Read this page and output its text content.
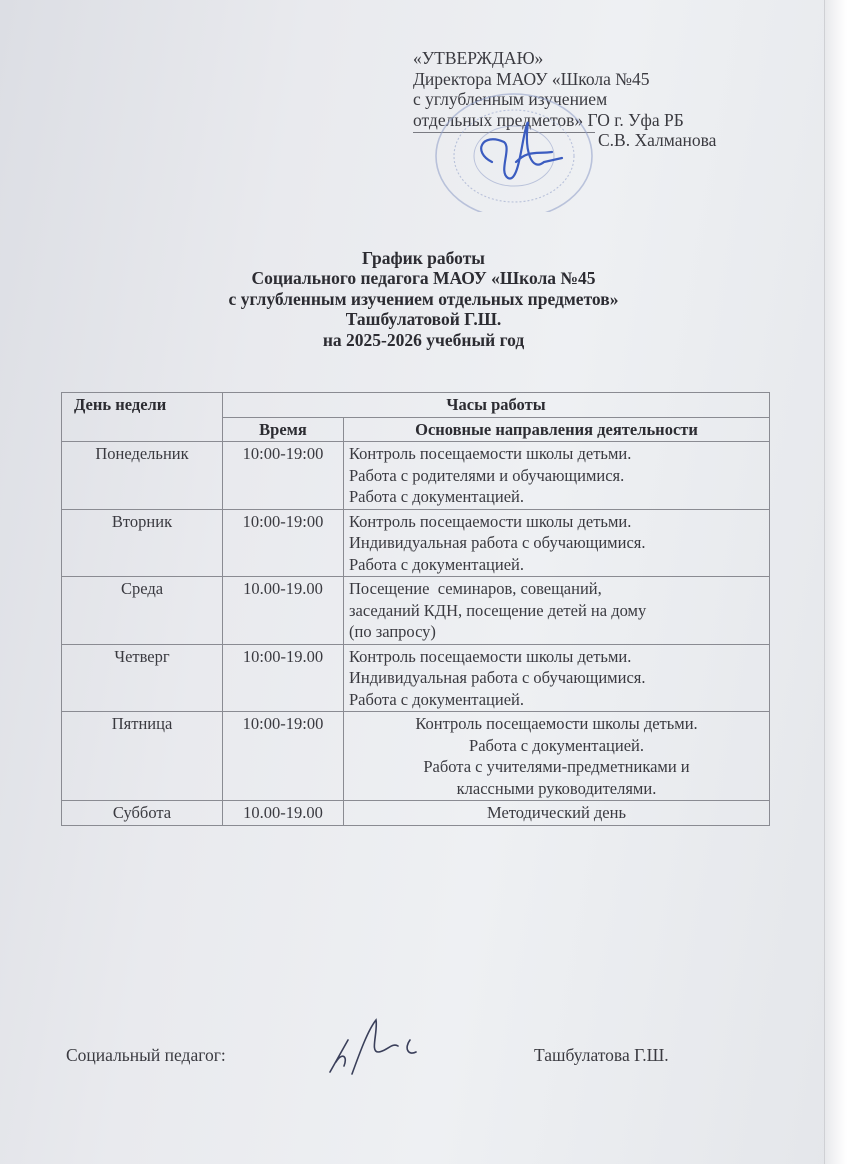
«УТВЕРЖДАЮ»
Директора МАОУ «Школа №45
с углубленным изучением
отдельных предметов» ГО г. Уфа РБ
С.В. Халманова
График работы
Социального педагога МАОУ «Школа №45
с углубленным изучением отдельных предметов»
Ташбулатовой Г.Ш.
на 2025-2026 учебный год
День недели	Часы работы	
	Время	Основные направления деятельности
Понедельник	10:00-19:00	Контроль посещаемости школы детьми.
Работа с родителями и обучающимися.
Работа с документацией.

Вторник	10:00-19:00	Контроль посещаемости школы детьми.
Индивидуальная работа с обучающимися.
Работа с документацией.

Среда	10.00-19.00	Посещение  семинаров, совещаний,
заседаний КДН, посещение детей на дому
(по запросу)

Четверг	10:00-19.00	Контроль посещаемости школы детьми.
Индивидуальная работа с обучающимися.
Работа с документацией.

Пятница	10:00-19:00	Контроль посещаемости школы детьми.
Работа с документацией.
Работа с учителями-предметниками и
классными руководителями.

Суббота	10.00-19.00	Методический день
Социальный педагог:	Ташбулатова Г.Ш.
